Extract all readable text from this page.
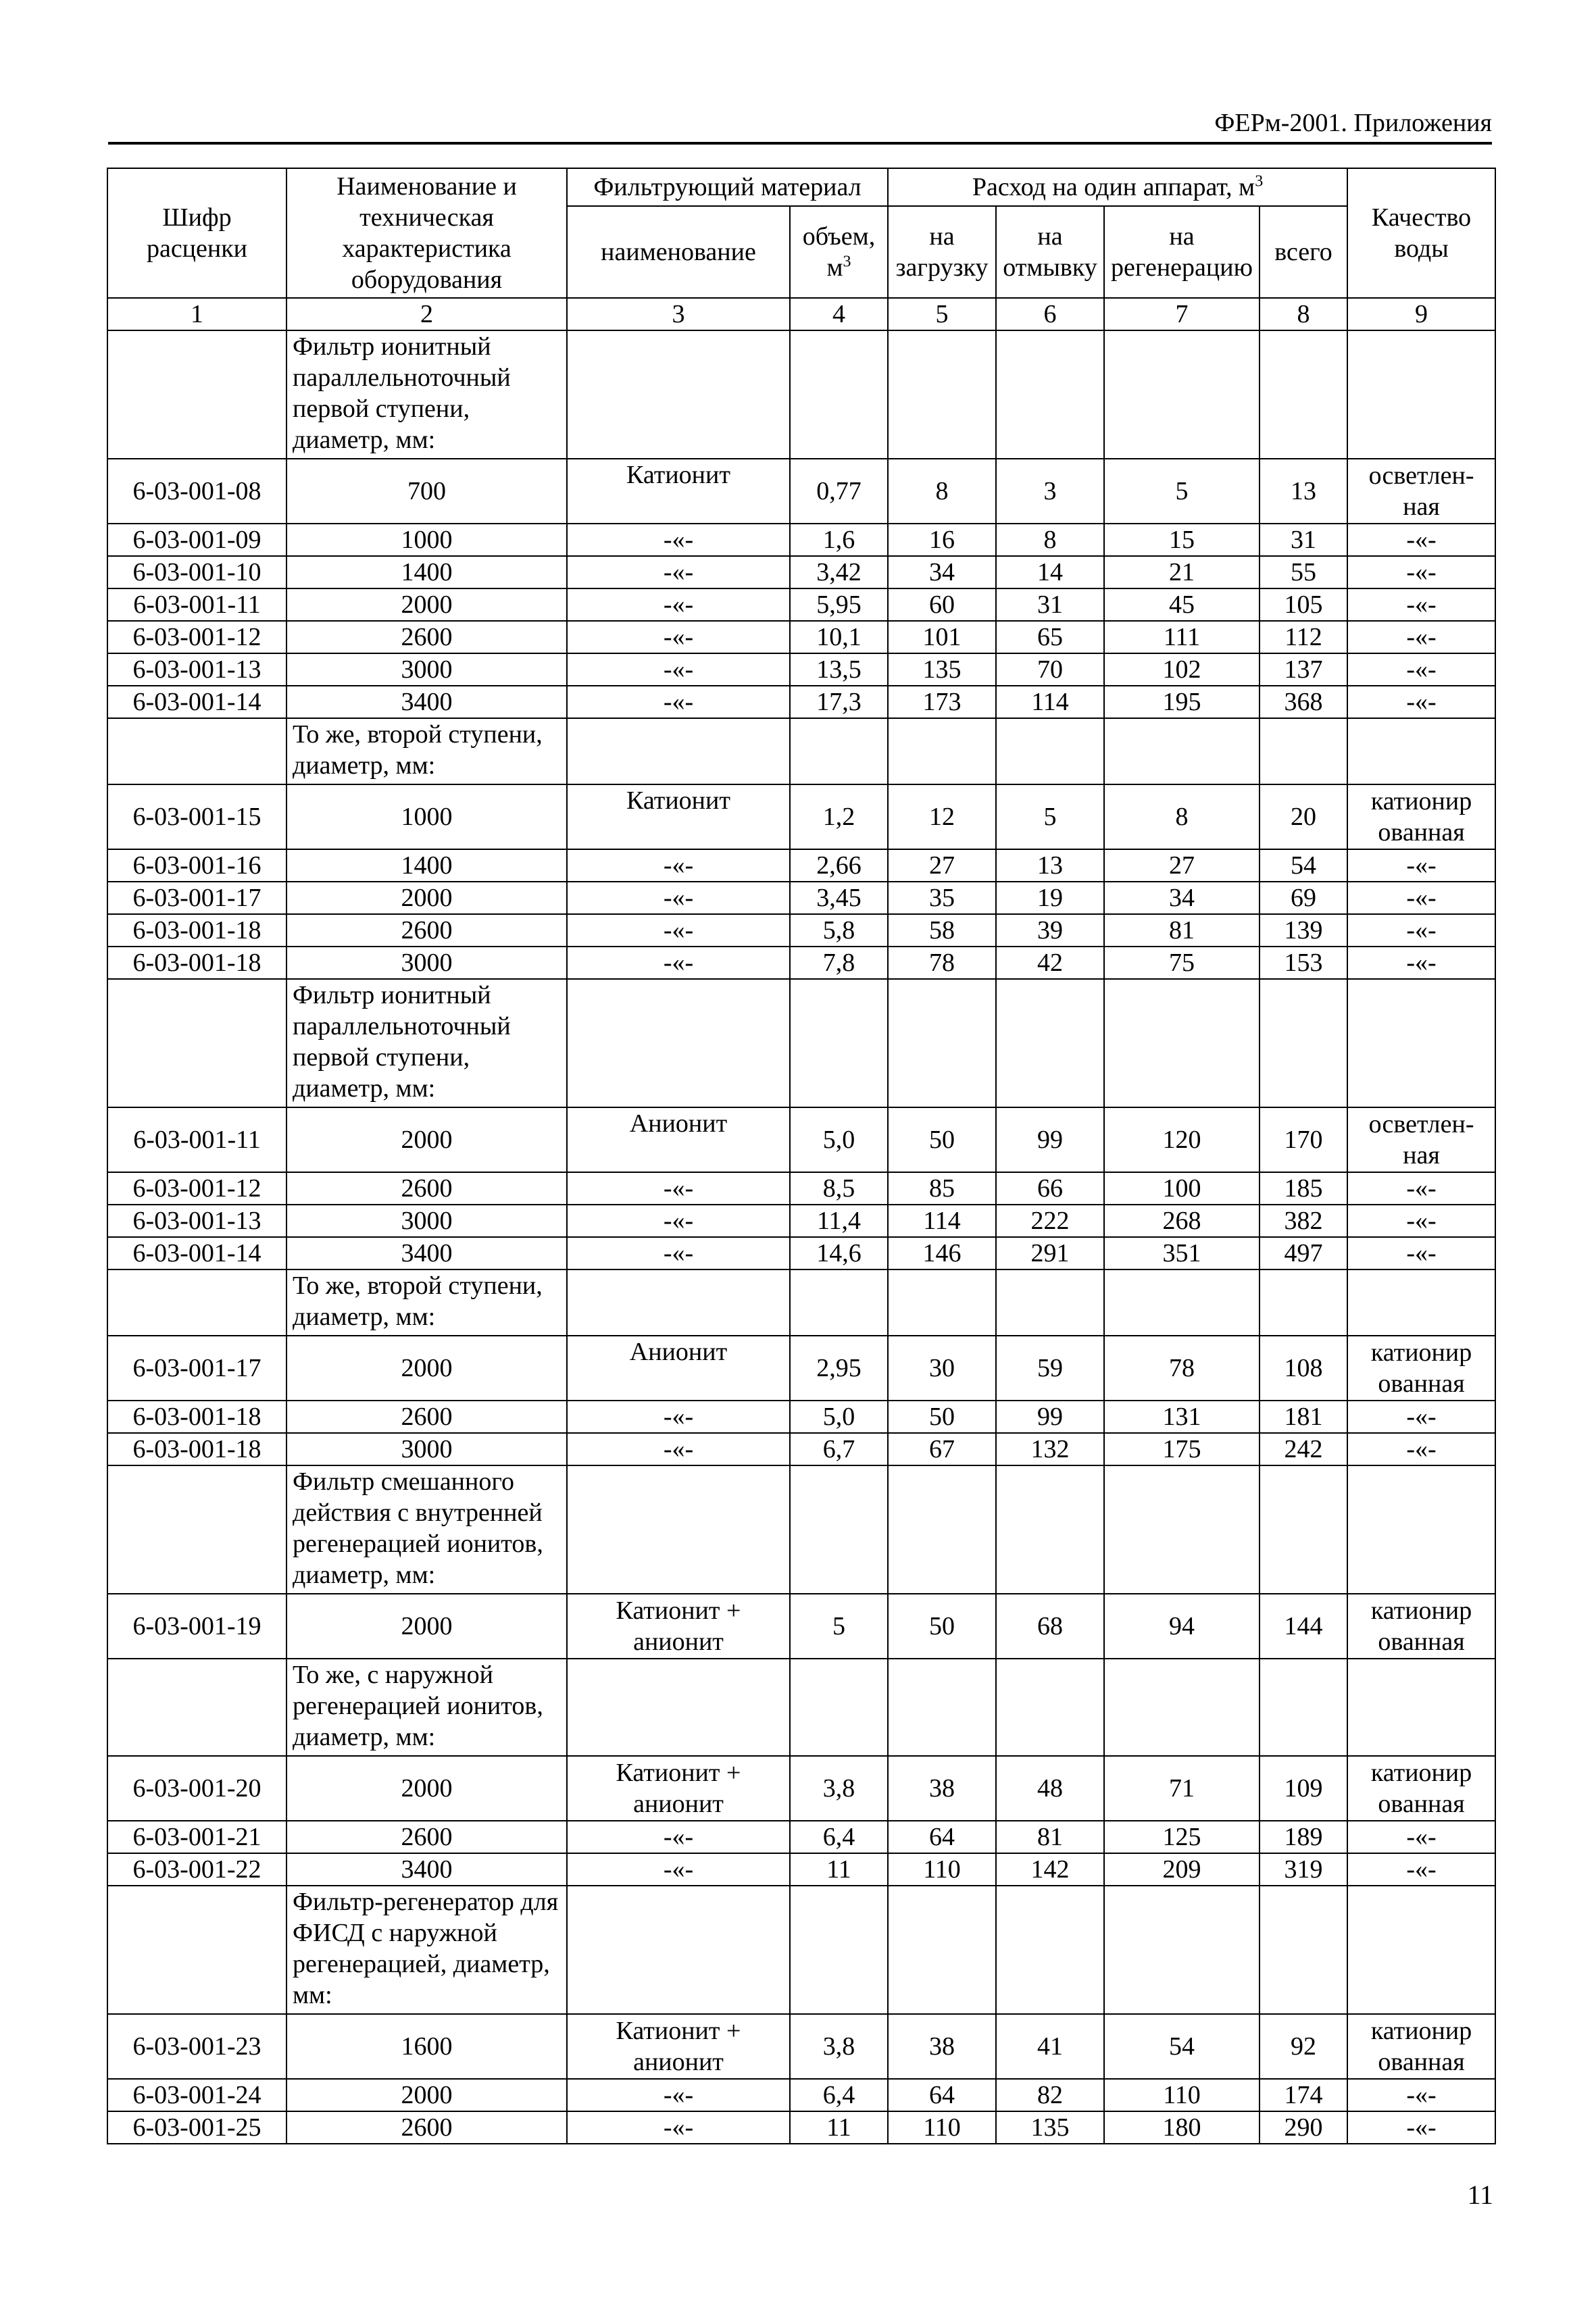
ФЕРм-2001. Приложения
Шифр расценки	Наименование и техническая характеристика оборудования	Фильтрующий материал		Расход на один аппарат, $м^3$				Качество воды
		наименование	объем, $м^3$	на загрузку	на отмывку	на регенерацию	всего	
1	2	3	4	5	6	7	8	9
	Фильтр ионитный параллельноточный первой ступени, диаметр, мм:							
6-03-001-08	700	Катионит	0,77	8	3	5	13	осветлен-ная
6-03-001-09	1000	-«-	1,6	16	8	15	31	-«-
6-03-001-10	1400	-«-	3,42	34	14	21	55	-«-
6-03-001-11	2000	-«-	5,95	60	31	45	105	-«-
6-03-001-12	2600	-«-	10,1	101	65	111	112	-«-
6-03-001-13	3000	-«-	13,5	135	70	102	137	-«-
6-03-001-14	3400	-«-	17,3	173	114	195	368	-«-
	То же, второй ступени, диаметр, мм:							
6-03-001-15	1000	Катионит	1,2	12	5	8	20	катионир ованная
6-03-001-16	1400	-«-	2,66	27	13	27	54	-«-
6-03-001-17	2000	-«-	3,45	35	19	34	69	-«-
6-03-001-18	2600	-«-	5,8	58	39	81	139	-«-
6-03-001-18	3000	-«-	7,8	78	42	75	153	-«-
	Фильтр ионитный параллельноточный первой ступени, диаметр, мм:							
6-03-001-11	2000	Анионит	5,0	50	99	120	170	осветлен-ная
6-03-001-12	2600	-«-	8,5	85	66	100	185	-«-
6-03-001-13	3000	-«-	11,4	114	222	268	382	-«-
6-03-001-14	3400	-«-	14,6	146	291	351	497	-«-
	То же, второй ступени, диаметр, мм:							
6-03-001-17	2000	Анионит	2,95	30	59	78	108	катионир ованная
6-03-001-18	2600	-«-	5,0	50	99	131	181	-«-
6-03-001-18	3000	-«-	6,7	67	132	175	242	-«-
	Фильтр смешанного действия с внутренней регенерацией ионитов, диаметр, мм:							
6-03-001-19	2000	Катионит + анионит	5	50	68	94	144	катионир ованная
	То же, с наружной регенерацией ионитов, диаметр, мм:							
6-03-001-20	2000	Катионит + анионит	3,8	38	48	71	109	катионир ованная
6-03-001-21	2600	-«-	6,4	64	81	125	189	-«-
6-03-001-22	3400	-«-	11	110	142	209	319	-«-
	Фильтр-регенератор для ФИСД с наружной регенерацией, диаметр, мм:							
6-03-001-23	1600	Катионит + анионит	3,8	38	41	54	92	катионир ованная
6-03-001-24	2000	-«-	6,4	64	82	110	174	-«-
6-03-001-25	2600	-«-	11	110	135	180	290	-«-
11
